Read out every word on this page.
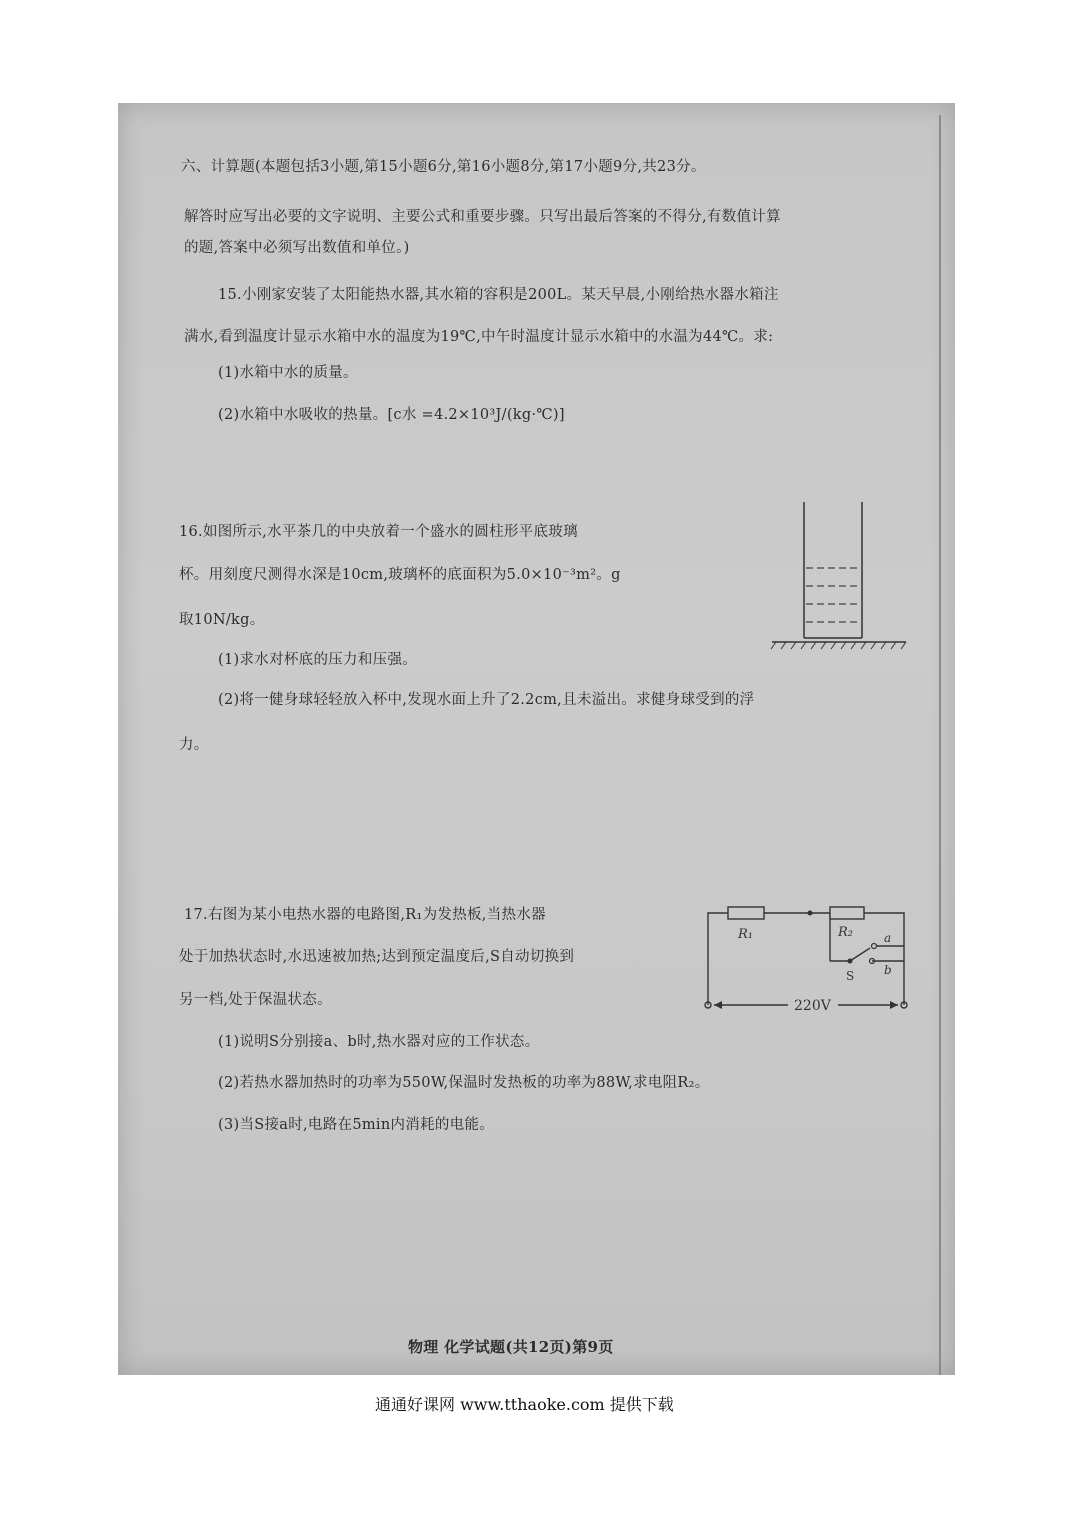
六、计算题(本题包括3小题,第15小题6分,第16小题8分,第17小题9分,共23分。
解答时应写出必要的文字说明、主要公式和重要步骤。只写出最后答案的不得分,有数值计算
的题,答案中必须写出数值和单位。)
15.小刚家安装了太阳能热水器,其水箱的容积是200L。某天早晨,小刚给热水器水箱注
满水,看到温度计显示水箱中水的温度为19℃,中午时温度计显示水箱中的水温为44℃。求:
(1)水箱中水的质量。
(2)水箱中水吸收的热量。[c水 =4.2×10³J/(kg·℃)]
16.如图所示,水平茶几的中央放着一个盛水的圆柱形平底玻璃
杯。用刻度尺测得水深是10cm,玻璃杯的底面积为5.0×10⁻³m²。g
取10N/kg。
(1)求水对杯底的压力和压强。
(2)将一健身球轻轻放入杯中,发现水面上升了2.2cm,且未溢出。求健身球受到的浮
力。
17.右图为某小电热水器的电路图,R₁为发热板,当热水器
处于加热状态时,水迅速被加热;达到预定温度后,S自动切换到
另一档,处于保温状态。
(1)说明S分别接a、b时,热水器对应的工作状态。
(2)若热水器加热时的功率为550W,保温时发热板的功率为88W,求电阻R₂。
(3)当S接a时,电路在5min内消耗的电能。
R₁	R₂
S
a
b
220V
物理 化学试题(共12页)第9页
通通好课网 www.tthaoke.com 提供下载
